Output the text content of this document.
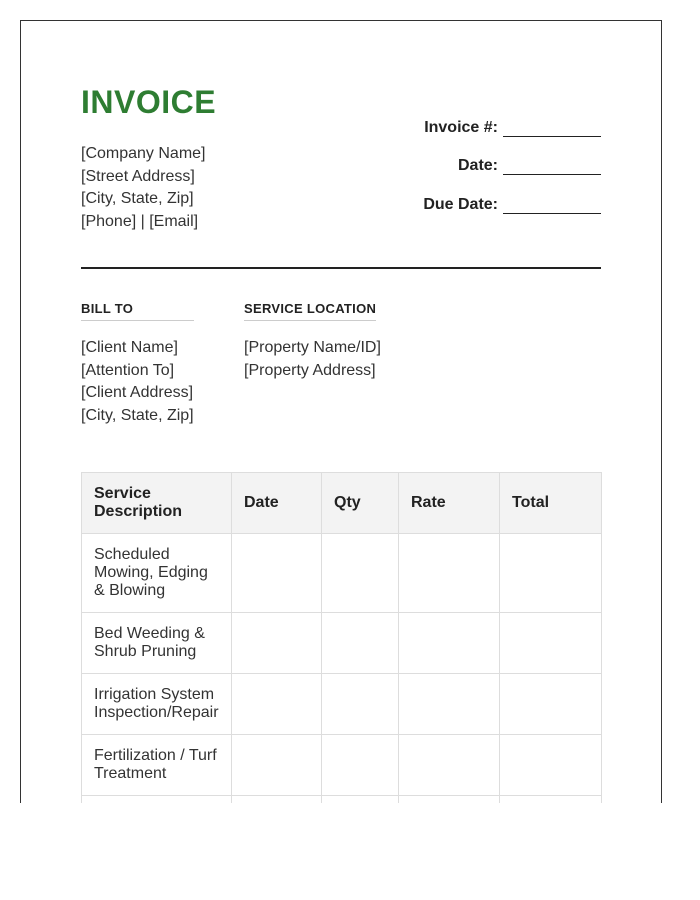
INVOICE
[Company Name]
[Street Address]
[City, State, Zip]
[Phone] | [Email]
Invoice #:
Date:
Due Date:
BILL TO	SERVICE LOCATION
[Client Name]
[Attention To]
[Client Address]
[City, State, Zip]
[Property Name/ID]
[Property Address]
Service Description	Date	Qty	Rate	Total
Scheduled Mowing, Edging & Blowing				
Bed Weeding & Shrub Pruning				
Irrigation System Inspection/Repair				
Fertilization / Turf Treatment				
